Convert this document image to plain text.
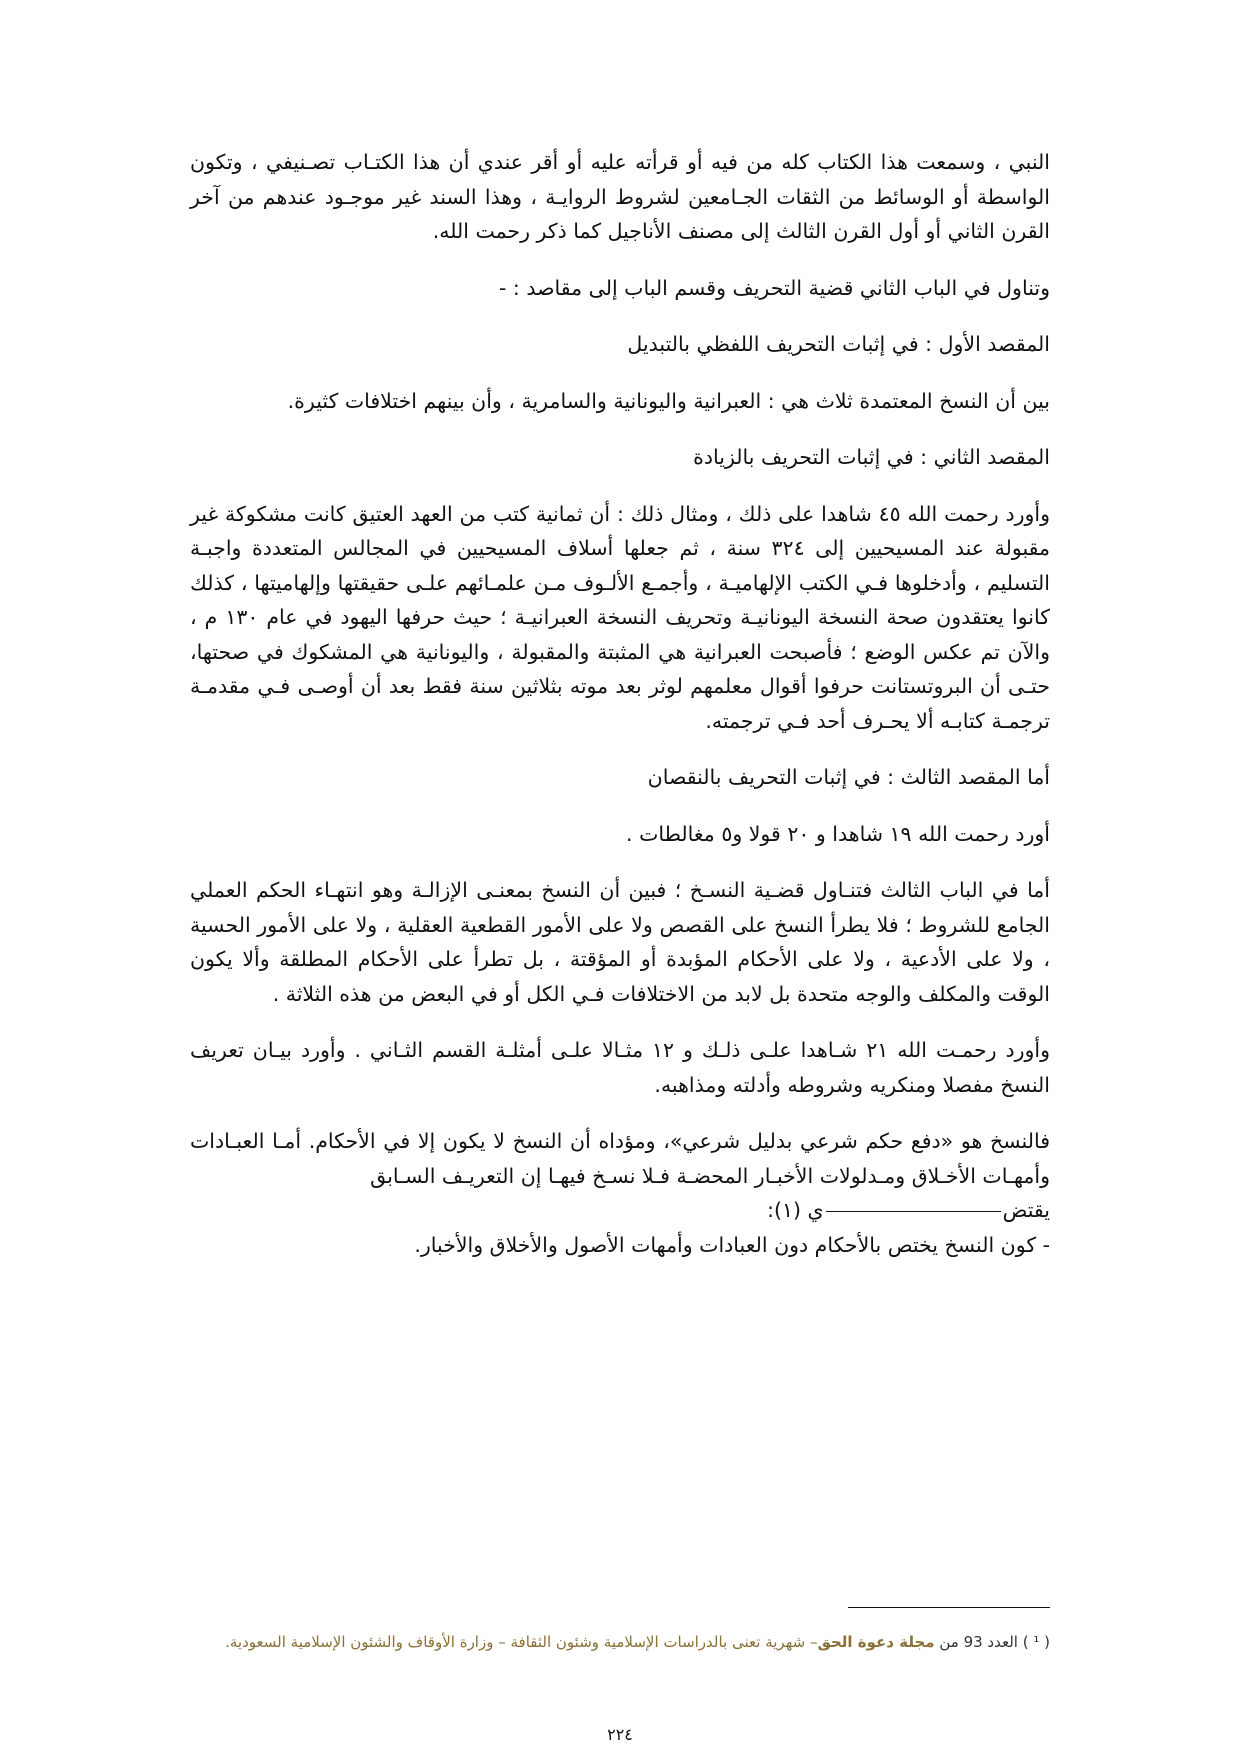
النبي ، وسمعت هذا الكتاب كله من فيه أو قرأته عليه أو أقر عندي أن هذا الكتـاب تصـنيفي ، وتكون الواسطة أو الوسائط من الثقات الجـامعين لشروط الروايـة ، وهذا السند غير موجـود عندهم من آخر القرن الثاني أو أول القرن الثالث إلى مصنف الأناجيل كما ذكر رحمت الله.

وتناول في الباب الثاني قضية التحريف وقسم الباب إلى مقاصد : -

المقصد الأول : في إثبات التحريف اللفظي بالتبديل

بين أن النسخ المعتمدة ثلاث هي : العبرانية واليونانية والسامرية ، وأن بينهم اختلافات كثيرة.

المقصد الثاني : في إثبات التحريف بالزيادة

وأورد رحمت الله ٤٥ شاهدا على ذلك ، ومثال ذلك : أن ثمانية كتب من العهد العتيق كانت مشكوكة غير مقبولة عند المسيحيين إلى ٣٢٤ سنة ، ثم جعلها أسلاف المسيحيين في المجالس المتعددة واجبـة التسليم ، وأدخلوها فـي الكتب الإلهاميـة ، وأجمـع الألـوف مـن علمـائهم علـى حقيقتها وإلهاميتها ، كذلك كانوا يعتقدون صحة النسخة اليونانيـة وتحريف النسخة العبرانيـة ؛ حيث حرفها اليهود في عام ١٣٠ م ، والآن تم عكس الوضع ؛ فأصبحت العبرانية هي المثبتة والمقبولة ، واليونانية هي المشكوك في صحتها، حتـى أن البروتستانت حرفوا أقوال معلمهم لوثر بعد موته بثلاثين سنة فقط بعد أن أوصـى فـي مقدمـة ترجمـة كتابـه ألا يحـرف أحد فـي ترجمته.

أما المقصد الثالث : في إثبات التحريف بالنقصان

أورد رحمت الله ١٩ شاهدا و ٢٠ قولا و٥ مغالطات .

أما في الباب الثالث فتنـاول قضـية النسـخ ؛ فبين أن النسخ بمعنـى الإزالـة وهو انتهـاء الحكم العملي الجامع للشروط ؛ فلا يطرأ النسخ على القصص ولا على الأمور القطعية العقلية ، ولا على الأمور الحسية ، ولا على الأدعية ، ولا على الأحكام المؤبدة أو المؤقتة ، بل تطرأ على الأحكام المطلقة وألا يكون الوقت والمكلف والوجه متحدة بل لابد من الاختلافات فـي الكل أو في البعض من هذه الثلاثة .

وأورد رحمـت الله ٢١ شـاهدا علـى ذلـك و ١٢ مثـالا علـى أمثلـة القسم الثـاني . وأورد بيـان تعريف النسخ مفصلا ومنكريه وشروطه وأدلته ومذاهبه.

فالنسخ هو «دفع حكم شرعي بدليل شرعي»، ومؤداه أن النسخ لا يكون إلا في الأحكام. أمـا العبـادات وأمهـات الأخـلاق ومـدلولات الأخبـار المحضـة فـلا نسـخ فيهـا إن التعريـف السـابق
يقتضي (١):

- كون النسخ يختص بالأحكام دون العبادات وأمهات الأصول والأخلاق والأخبار.

( ¹ ) العدد 93 من مجلة دعوة الحق– شهرية تعنى بالدراسات الإسلامية وشئون الثقافة – وزارة الأوقاف والشئون الإسلامية السعودية.
٢٢٤
